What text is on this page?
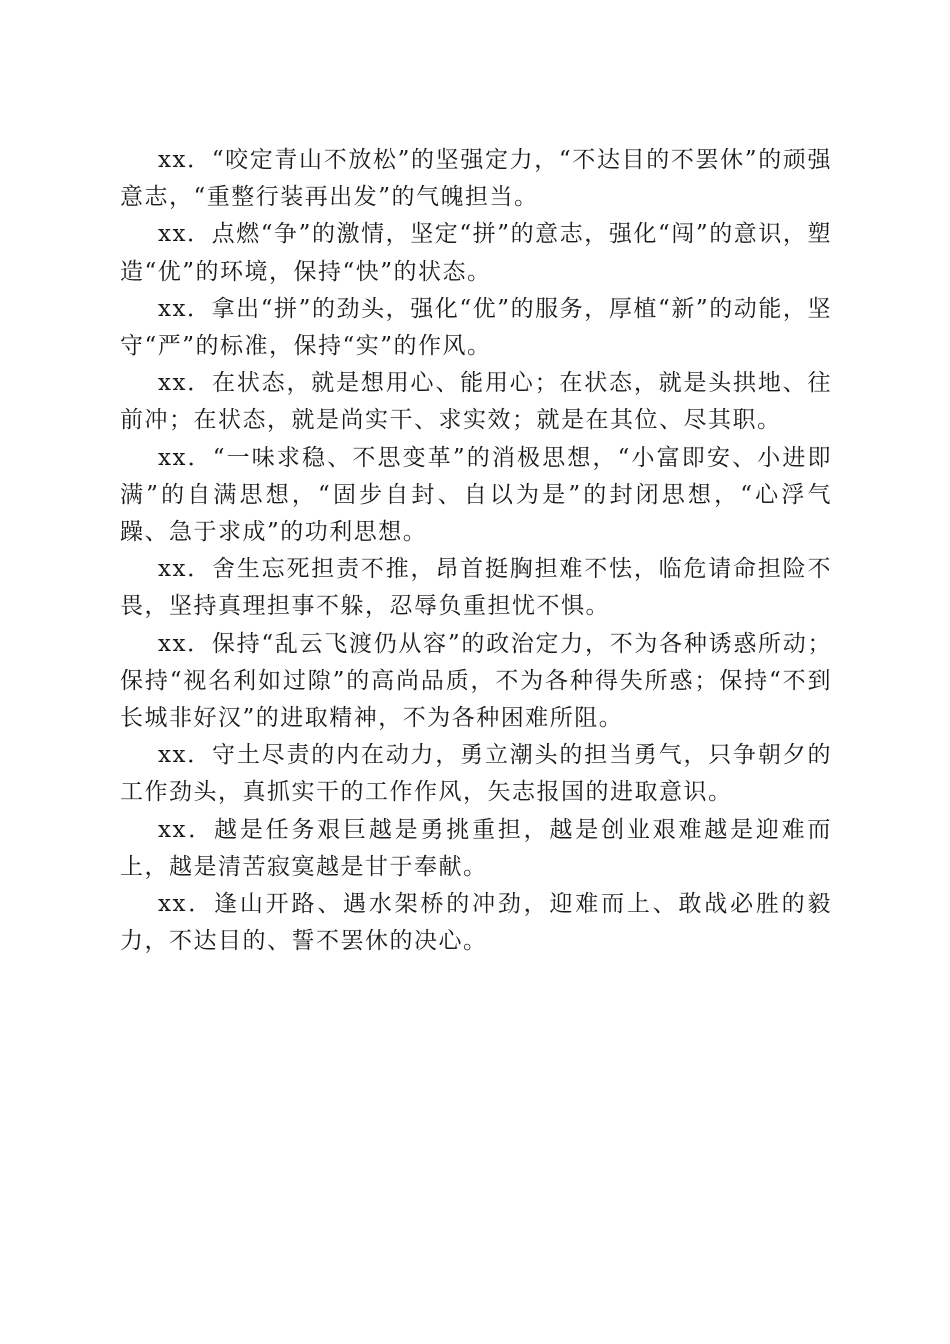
xx．“咬定青山不放松”的坚强定力，“不达目的不罢休”的顽强意志，“重整行装再出发”的气魄担当。

xx．点燃“争”的激情，坚定“拼”的意志，强化“闯”的意识，塑造“优”的环境，保持“快”的状态。

xx．拿出“拼”的劲头，强化“优”的服务，厚植“新”的动能，坚守“严”的标准，保持“实”的作风。

xx．在状态，就是想用心、能用心；在状态，就是头拱地、往前冲；在状态，就是尚实干、求实效；就是在其位、尽其职。

xx．“一味求稳、不思变革”的消极思想，“小富即安、小进即满”的自满思想，“固步自封、自以为是”的封闭思想，“心浮气躁、急于求成”的功利思想。

xx．舍生忘死担责不推，昂首挺胸担难不怯，临危请命担险不畏，坚持真理担事不躲，忍辱负重担忧不惧。

xx．保持“乱云飞渡仍从容”的政治定力，不为各种诱惑所动；保持“视名利如过隙”的高尚品质，不为各种得失所惑；保持“不到长城非好汉”的进取精神，不为各种困难所阻。

xx．守土尽责的内在动力，勇立潮头的担当勇气，只争朝夕的工作劲头，真抓实干的工作作风，矢志报国的进取意识。

xx．越是任务艰巨越是勇挑重担，越是创业艰难越是迎难而上，越是清苦寂寞越是甘于奉献。

xx．逢山开路、遇水架桥的冲劲，迎难而上、敢战必胜的毅力，不达目的、誓不罢休的决心。
